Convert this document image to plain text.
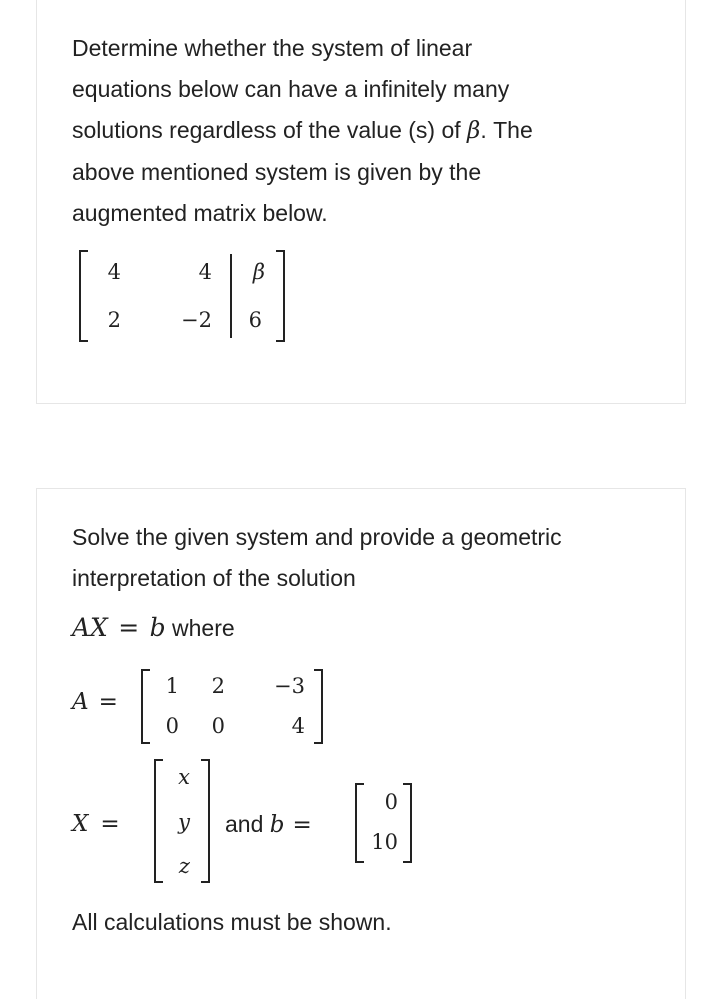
Determine whether the system of linear
equations below can have a infinitely many
solutions regardless of the value (s) of β. The
above mentioned system is given by the
augmented matrix below.
4	4 β
2	−2 6
Solve the given system and provide a geometric
interpretation of the solution
AX = b where
A =
1 2 −3
0 0	4
X =
x
y
z
and b =
0
10
All calculations must be shown.
